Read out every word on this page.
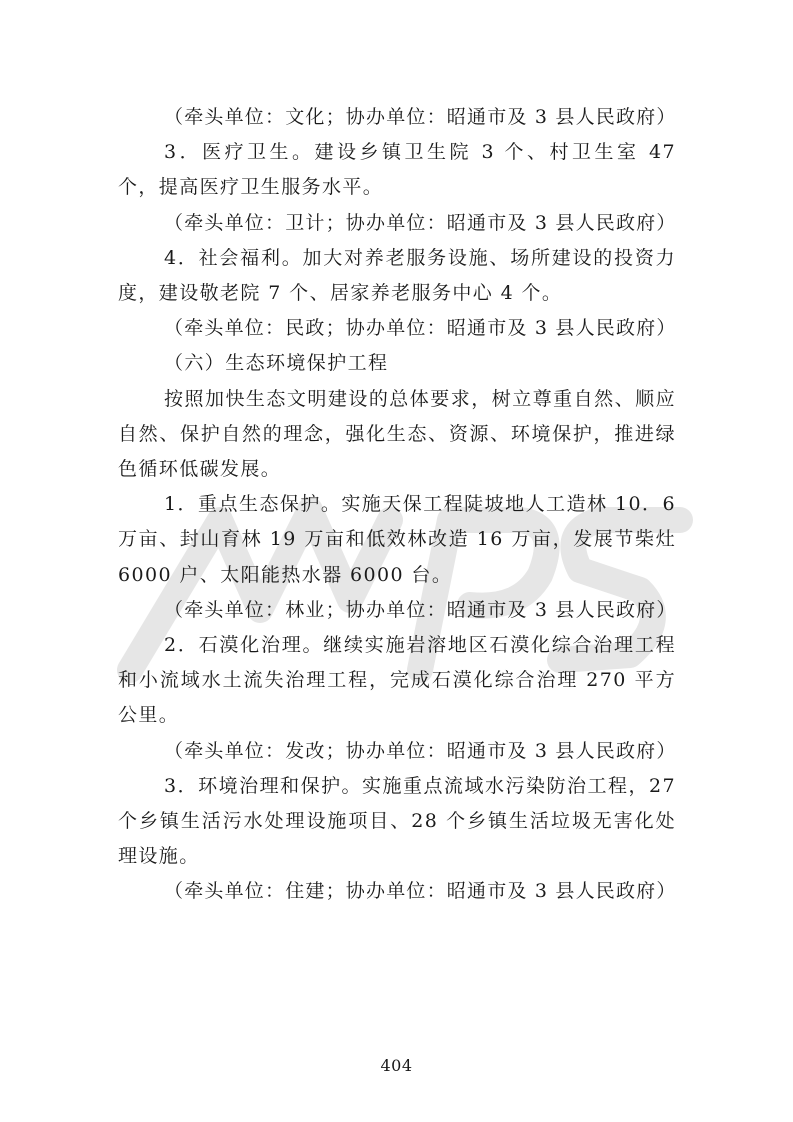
（牵头单位：文化；协办单位：昭通市及 3 县人民政府）

3．医疗卫生。建设乡镇卫生院 3 个、村卫生室 47 个，提高医疗卫生服务水平。

（牵头单位：卫计；协办单位：昭通市及 3 县人民政府）

4．社会福利。加大对养老服务设施、场所建设的投资力度，建设敬老院 7 个、居家养老服务中心 4 个。

（牵头单位：民政；协办单位：昭通市及 3 县人民政府）

（六）生态环境保护工程

按照加快生态文明建设的总体要求，树立尊重自然、顺应自然、保护自然的理念，强化生态、资源、环境保护，推进绿色循环低碳发展。

1．重点生态保护。实施天保工程陡坡地人工造林 10．6 万亩、封山育林 19 万亩和低效林改造 16 万亩，发展节柴灶 6000 户、太阳能热水器 6000 台。

（牵头单位：林业；协办单位：昭通市及 3 县人民政府）

2．石漠化治理。继续实施岩溶地区石漠化综合治理工程和小流域水土流失治理工程，完成石漠化综合治理 270 平方公里。

（牵头单位：发改；协办单位：昭通市及 3 县人民政府）

3．环境治理和保护。实施重点流域水污染防治工程，27 个乡镇生活污水处理设施项目、28 个乡镇生活垃圾无害化处理设施。

（牵头单位：住建；协办单位：昭通市及 3 县人民政府）

404
